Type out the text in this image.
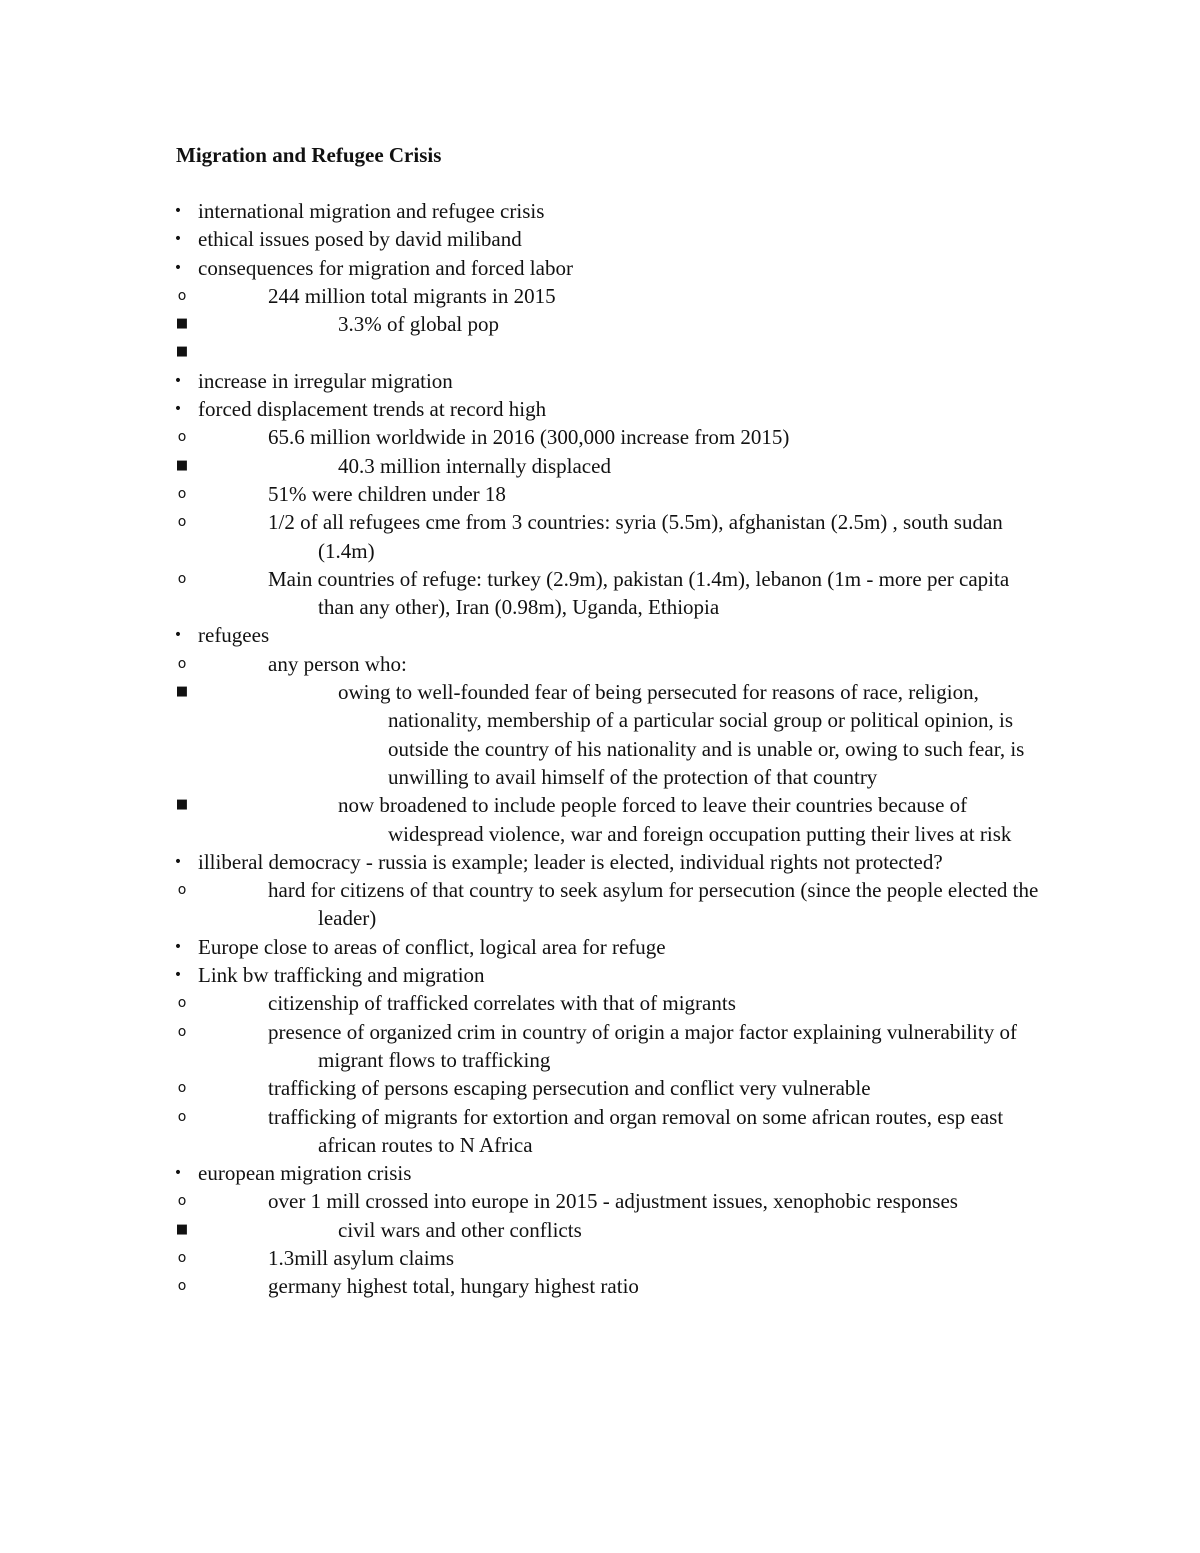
Migration and Refugee Crisis
• international migration and refugee crisis
• ethical issues posed by david miliband
• consequences for migration and forced labor
o	244 million total migrants in 2015
■	3.3% of global pop
■
• increase in irregular migration
• forced displacement trends at record high
o	65.6 million worldwide in 2016 (300,000 increase from 2015)
■	40.3 million internally displaced
o	51% were children under 18
o	1/2 of all refugees cme from 3 countries: syria (5.5m), afghanistan (2.5m) , south sudan (1.4m)
o	Main countries of refuge: turkey (2.9m), pakistan (1.4m), lebanon (1m - more per capita than any other), Iran (0.98m), Uganda, Ethiopia
• refugees
o	any person who:
■	owing to well-founded fear of being persecuted for reasons of race, religion, nationality, membership of a particular social group or political opinion, is outside the country of his nationality and is unable or, owing to such fear, is unwilling to avail himself of the protection of that country
■	now broadened to include people forced to leave their countries because of widespread violence, war and foreign occupation putting their lives at risk
• illiberal democracy - russia is example; leader is elected, individual rights not protected?
o	hard for citizens of that country to seek asylum for persecution (since the people elected the leader)
• Europe close to areas of conflict, logical area for refuge
• Link bw trafficking and migration
o	citizenship of trafficked correlates with that of migrants
o	presence of organized crim in country of origin a major factor explaining vulnerability of migrant flows to trafficking
o	trafficking of persons escaping persecution and conflict very vulnerable
o	trafficking of migrants for extortion and organ removal on some african routes, esp east african routes to N Africa
• european migration crisis
o	over 1 mill crossed into europe in 2015 - adjustment issues, xenophobic responses
■	civil wars and other conflicts
o	1.3mill asylum claims
o	germany highest total, hungary highest ratio
